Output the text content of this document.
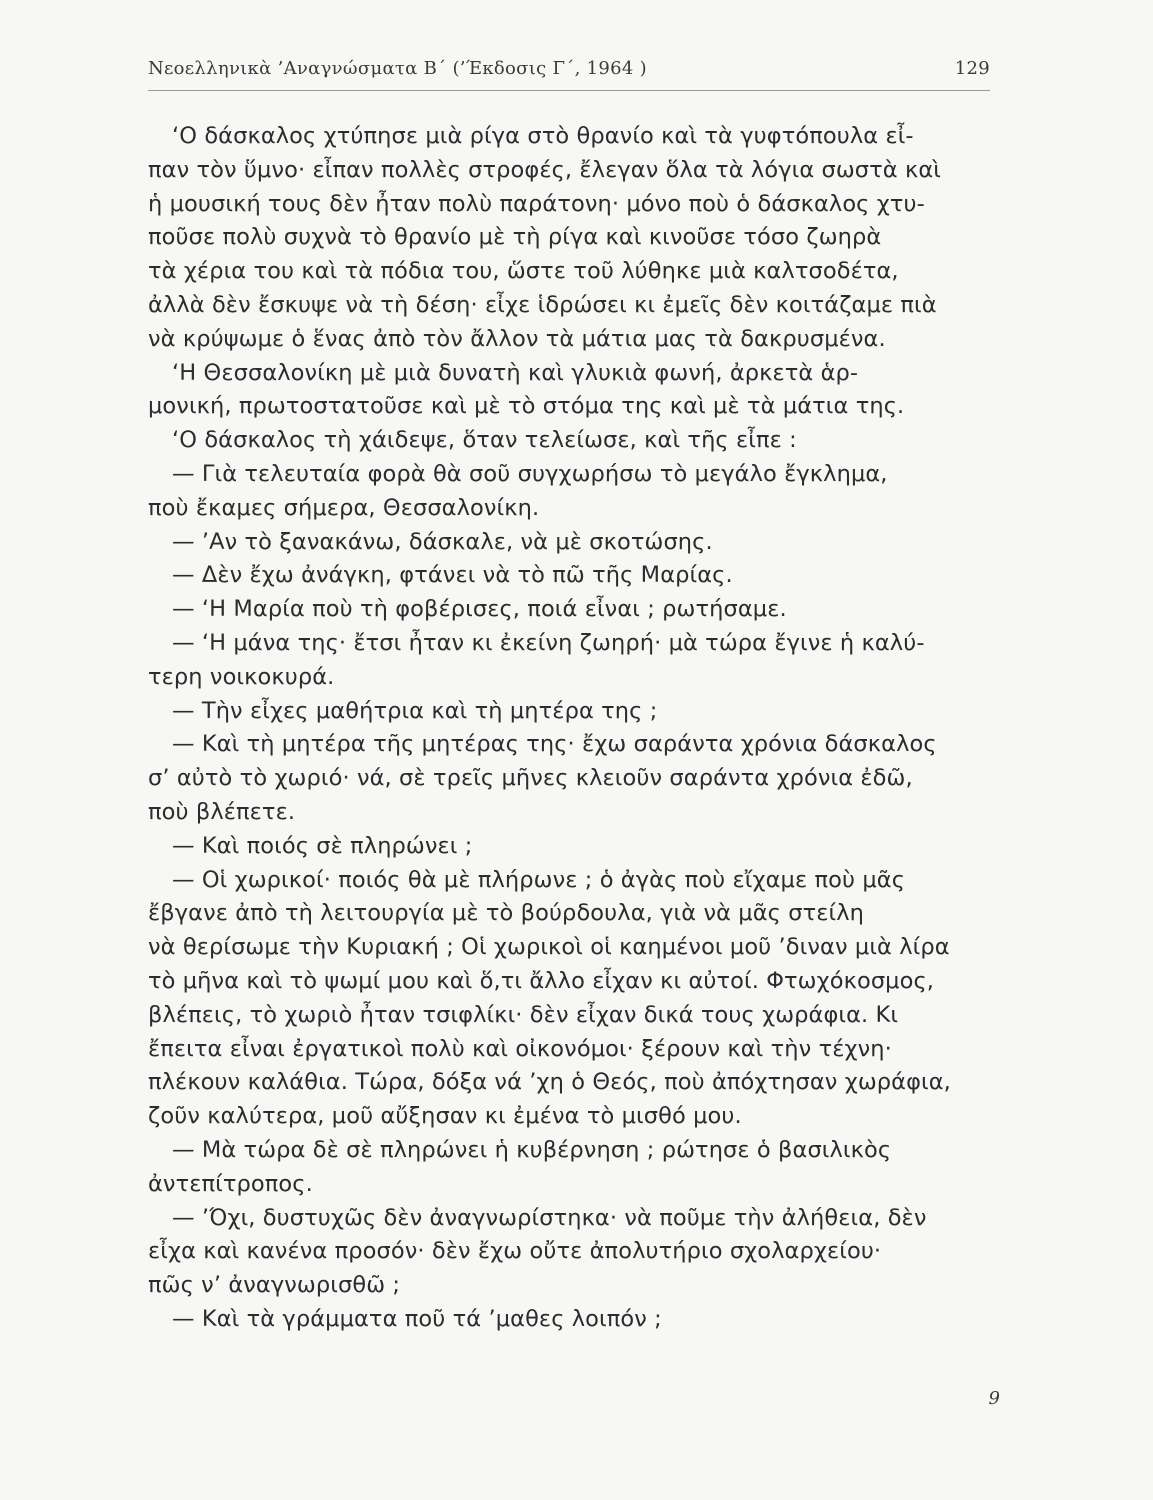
Νεοελληνικὰ ’Αναγνώσματα Β΄ (’Έκδοσις Γ΄, 1964 )	129

‘Ο δάσκαλος χτύπησε μιὰ ρίγα στὸ θρανίο καὶ τὰ γυφτόπουλα εἶ-

παν τὸν ὕμνο· εἶπαν πολλὲς στροφές, ἔλεγαν ὅλα τὰ λόγια σωστὰ καὶ

ἡ μουσική τους δὲν ἦταν πολὺ παράτονη· μόνο ποὺ ὁ δάσκαλος χτυ-

ποῦσε πολὺ συχνὰ τὸ θρανίο μὲ τὴ ρίγα καὶ κινοῦσε τόσο ζωηρὰ

τὰ χέρια του καὶ τὰ πόδια του, ὥστε τοῦ λύθηκε μιὰ καλτσοδέτα,

ἀλλὰ δὲν ἔσκυψε νὰ τὴ δέση· εἶχε ἱδρώσει κι ἐμεῖς δὲν κοιτάζαμε πιὰ

νὰ κρύψωμε ὁ ἕνας ἀπὸ τὸν ἄλλον τὰ μάτια μας τὰ δακρυσμένα.

‘Η Θεσσαλονίκη μὲ μιὰ δυνατὴ καὶ γλυκιὰ φωνή, ἀρκετὰ ἁρ-

μονική, πρωτοστατοῦσε καὶ μὲ τὸ στόμα της καὶ μὲ τὰ μάτια της.

‘Ο δάσκαλος τὴ χάιδεψε, ὅταν τελείωσε, καὶ τῆς εἶπε :

— Γιὰ τελευταία φορὰ θὰ σοῦ συγχωρήσω τὸ μεγάλο ἔγκλημα,

ποὺ ἔκαμες σήμερα, Θεσσαλονίκη.

— ’Αν τὸ ξανακάνω, δάσκαλε, νὰ μὲ σκοτώσης.

— Δὲν ἔχω ἀνάγκη, φτάνει νὰ τὸ πῶ τῆς Μαρίας.

— ‘Η Μαρία ποὺ τὴ φοβέρισες, ποιά εἶναι ; ρωτήσαμε.

— ‘Η μάνα της· ἔτσι ἦταν κι ἐκείνη ζωηρή· μὰ τώρα ἔγινε ἡ καλύ-

τερη νοικοκυρά.

— Τὴν εἶχες μαθήτρια καὶ τὴ μητέρα της ;

— Καὶ τὴ μητέρα τῆς μητέρας της· ἔχω σαράντα χρόνια δάσκαλος

σ’ αὐτὸ τὸ χωριό· νά, σὲ τρεῖς μῆνες κλειοῦν σαράντα χρόνια ἐδῶ,

ποὺ βλέπετε.

— Καὶ ποιός σὲ πληρώνει ;

— Οἱ χωρικοί· ποιός θὰ μὲ πλήρωνε ; ὁ ἀγὰς ποὺ εἴχαμε ποὺ μᾶς

ἔβγανε ἀπὸ τὴ λειτουργία μὲ τὸ βούρδουλα, γιὰ νὰ μᾶς στείλη

νὰ θερίσωμε τὴν Κυριακή ; Οἱ χωρικοὶ οἱ καημένοι μοῦ ’διναν μιὰ λίρα

τὸ μῆνα καὶ τὸ ψωμί μου καὶ ὅ,τι ἄλλο εἶχαν κι αὐτοί. Φτωχόκοσμος,

βλέπεις, τὸ χωριὸ ἦταν τσιφλίκι· δὲν εἶχαν δικά τους χωράφια. Κι

ἔπειτα εἶναι ἐργατικοὶ πολὺ καὶ οἰκονόμοι· ξέρουν καὶ τὴν τέχνη·

πλέκουν καλάθια. Τώρα, δόξα νά ’χη ὁ Θεός, ποὺ ἀπόχτησαν χωράφια,

ζοῦν καλύτερα, μοῦ αὔξησαν κι ἐμένα τὸ μισθό μου.

— Μὰ τώρα δὲ σὲ πληρώνει ἡ κυβέρνηση ; ρώτησε ὁ βασιλικὸς

ἀντεπίτροπος.

— ’Όχι, δυστυχῶς δὲν ἀναγνωρίστηκα· νὰ ποῦμε τὴν ἀλήθεια, δὲν

εἶχα καὶ κανένα προσόν· δὲν ἔχω οὔτε ἀπολυτήριο σχολαρχείου·

πῶς ν’ ἀναγνωρισθῶ ;

— Καὶ τὰ γράμματα ποῦ τά ’μαθες λοιπόν ;

9
